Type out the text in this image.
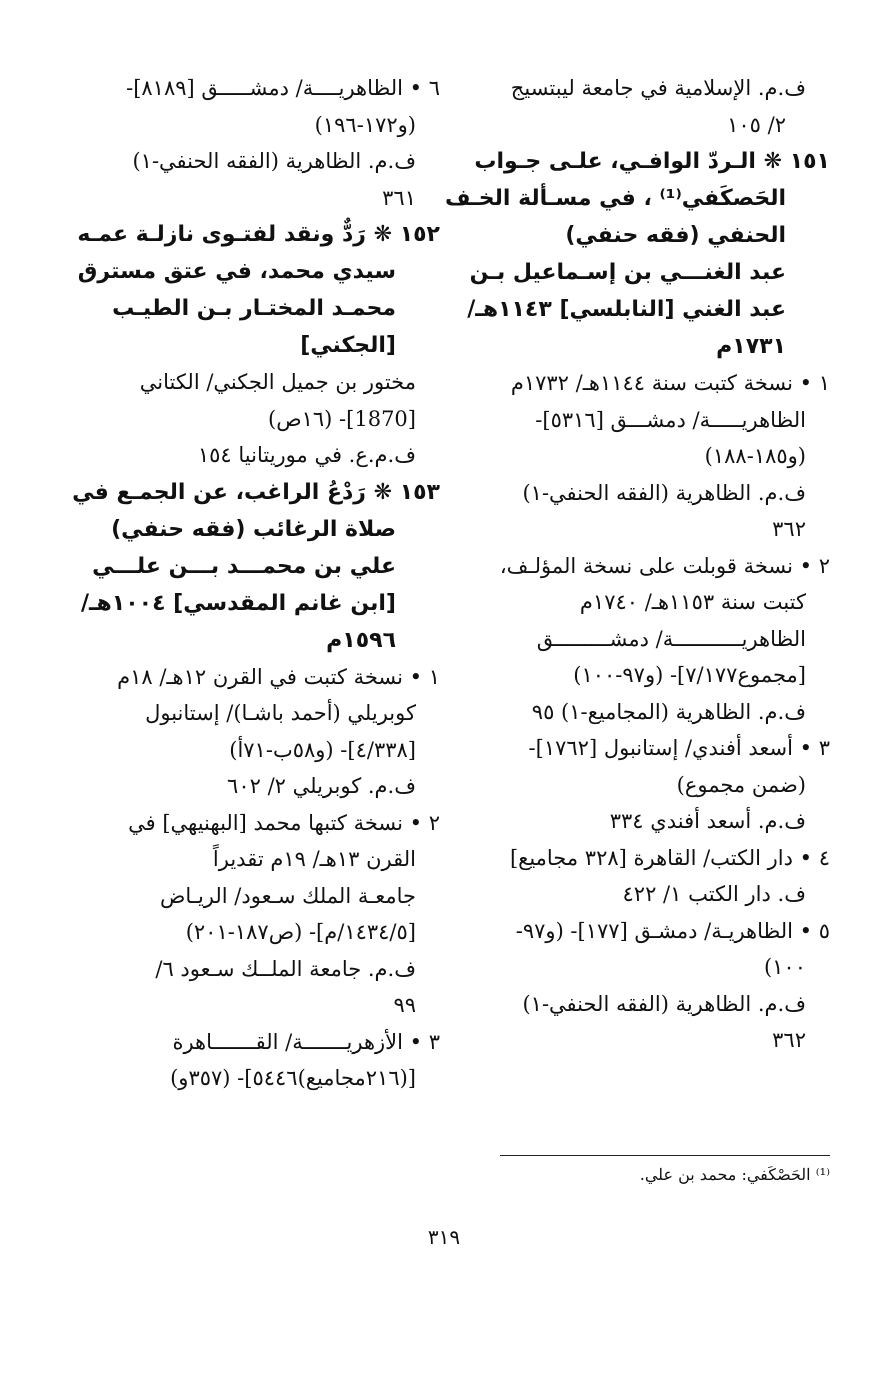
ف.م. الإسلامية في جامعة ليبتسيج
٢/ ١٠٥
١٥١ ❋ الـردّ الوافـي، علـى جـواب
الحَصكَفي⁽¹⁾ ، في مسـألة الخـف
الحنفي (فقه حنفي)
عبد الغنـــي بن إسـماعيل بـن
عبد الغني [النابلسي] ١١٤٣هـ/
١٧٣١م
١ • نسخة كتبت سنة ١١٤٤هـ/ ١٧٣٢م
الظاهريـــــة/ دمشـــق [٥٣١٦]-
(و١٨٥-١٨٨)
ف.م. الظاهرية (الفقه الحنفي-١)
٣٦٢
٢ • نسخة قوبلت على نسخة المؤلـف،
كتبت سنة ١١٥٣هـ/ ١٧٤٠م
الظاهريـــــــــــة/ دمشـــــــــق
[مجموع٧/١٧٧]- (و٩٧-١٠٠)
ف.م. الظاهرية (المجاميع-١) ٩٥
٣ • أسعد أفندي/ إستانبول [١٧٦٢]-
(ضمن مجموع)
ف.م. أسعد أفندي ٣٣٤
٤ • دار الكتب/ القاهرة [٣٢٨ مجاميع]
ف. دار الكتب ١/ ٤٢٢
٥ • الظاهريـة/ دمشـق [١٧٧]- (و٩٧-
١٠٠)
ف.م. الظاهرية (الفقه الحنفي-١)
٣٦٢
٦ • الظاهريــــة/ دمشـــــق [٨١٨٩]-
(و١٧٢-١٩٦)
ف.م. الظاهرية (الفقه الحنفي-١)
٣٦١
١٥٢ ❋ رَدٌّ ونقد لفتـوى نازلـة عمـه
سيدي محمد، في عتق مسترق
محمـد المختـار بـن الطيـب
[الجكني]
مختور بن جميل الجكني/ الكتاني
[1870]- (١٦ص)
ف.م.ع. في موريتانيا ١٥٤
١٥٣ ❋ رَدْعُ الراغب، عن الجمـع في
صلاة الرغائب (فقه حنفي)
علي بن محمـــد بـــن علـــي
[ابن غانم المقدسي] ١٠٠٤هـ/
١٥٩٦م
١ • نسخة كتبت في القرن ١٢هـ/ ١٨م
كوبريلي (أحمد باشـا)/ إستانبول
[٤/٣٣٨]- (و٥٨ب-٧١أ)
ف.م. كوبريلي ٢/ ٦٠٢
٢ • نسخة كتبها محمد [البهنيهي] في
القرن ١٣هـ/ ١٩م تقديراً
جامعـة الملك سـعود/ الريـاض
[١٤٣٤/٥/م]- (ص١٨٧-٢٠١)
ف.م. جامعة الملــك سـعود ٦/
٩٩
٣ • الأزهريـــــــة/ القـــــــاهرة
[(٢١٦مجاميع)٥٤٤٦]- (٣٥٧و)
⁽¹⁾ الحَصْكَفي: محمد بن علي.
٣١٩
